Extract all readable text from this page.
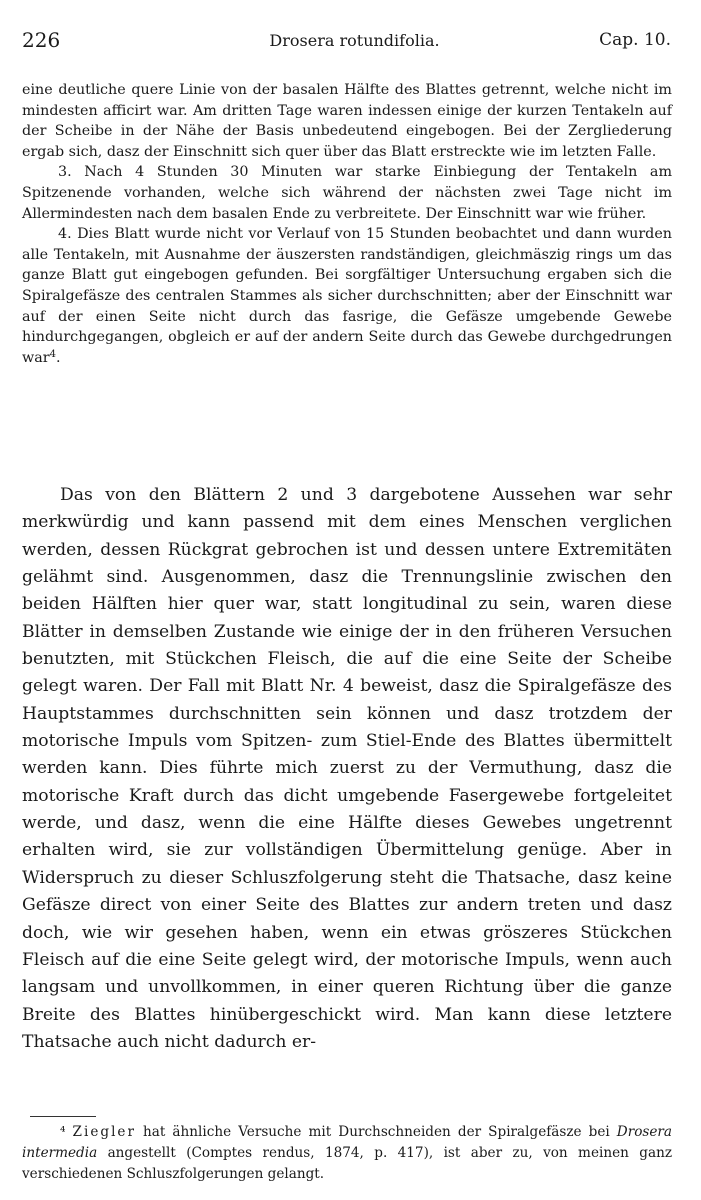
226	Drosera rotundifolia.	Cap. 10.

eine deutliche quere Linie von der basalen Hälfte des Blattes getrennt, welche nicht im mindesten afficirt war. Am dritten Tage waren indessen einige der kurzen Tentakeln auf der Scheibe in der Nähe der Basis unbedeutend eingebogen. Bei der Zergliederung ergab sich, dasz der Einschnitt sich quer über das Blatt erstreckte wie im letzten Falle.

3. Nach 4 Stunden 30 Minuten war starke Einbiegung der Tentakeln am Spitzenende vorhanden, welche sich während der nächsten zwei Tage nicht im Allermindesten nach dem basalen Ende zu verbreitete. Der Einschnitt war wie früher.

4. Dies Blatt wurde nicht vor Verlauf von 15 Stunden beobachtet und dann wurden alle Tentakeln, mit Ausnahme der äuszersten randständigen, gleichmäszig rings um das ganze Blatt gut eingebogen gefunden. Bei sorgfältiger Untersuchung ergaben sich die Spiralgefäsze des centralen Stammes als sicher durchschnitten; aber der Einschnitt war auf der einen Seite nicht durch das fasrige, die Gefäsze umgebende Gewebe hindurchgegangen, obgleich er auf der andern Seite durch das Gewebe durchgedrungen war$^4$.

Das von den Blättern 2 und 3 dargebotene Aussehen war sehr merkwürdig und kann passend mit dem eines Menschen verglichen werden, dessen Rückgrat gebrochen ist und dessen untere Extremitäten gelähmt sind. Ausgenommen, dasz die Trennungslinie zwischen den beiden Hälften hier quer war, statt longitudinal zu sein, waren diese Blätter in demselben Zustande wie einige der in den früheren Versuchen benutzten, mit Stückchen Fleisch, die auf die eine Seite der Scheibe gelegt waren. Der Fall mit Blatt Nr. 4 beweist, dasz die Spiralgefäsze des Hauptstammes durchschnitten sein können und dasz trotzdem der motorische Impuls vom Spitzen- zum Stiel-Ende des Blattes übermittelt werden kann. Dies führte mich zuerst zu der Vermuthung, dasz die motorische Kraft durch das dicht umgebende Fasergewebe fortgeleitet werde, und dasz, wenn die eine Hälfte dieses Gewebes ungetrennt erhalten wird, sie zur vollständigen Übermittelung genüge. Aber in Widerspruch zu dieser Schluszfolgerung steht die Thatsache, dasz keine Gefäsze direct von einer Seite des Blattes zur andern treten und dasz doch, wie wir gesehen haben, wenn ein etwas gröszeres Stückchen Fleisch auf die eine Seite gelegt wird, der motorische Impuls, wenn auch langsam und unvollkommen, in einer queren Richtung über die ganze Breite des Blattes hinübergeschickt wird. Man kann diese letztere Thatsache auch nicht dadurch er-

⁴ Ziegler hat ähnliche Versuche mit Durchschneiden der Spiralgefäsze bei Drosera intermedia angestellt (Comptes rendus, 1874, p. 417), ist aber zu, von meinen ganz verschiedenen Schluszfolgerungen gelangt.
